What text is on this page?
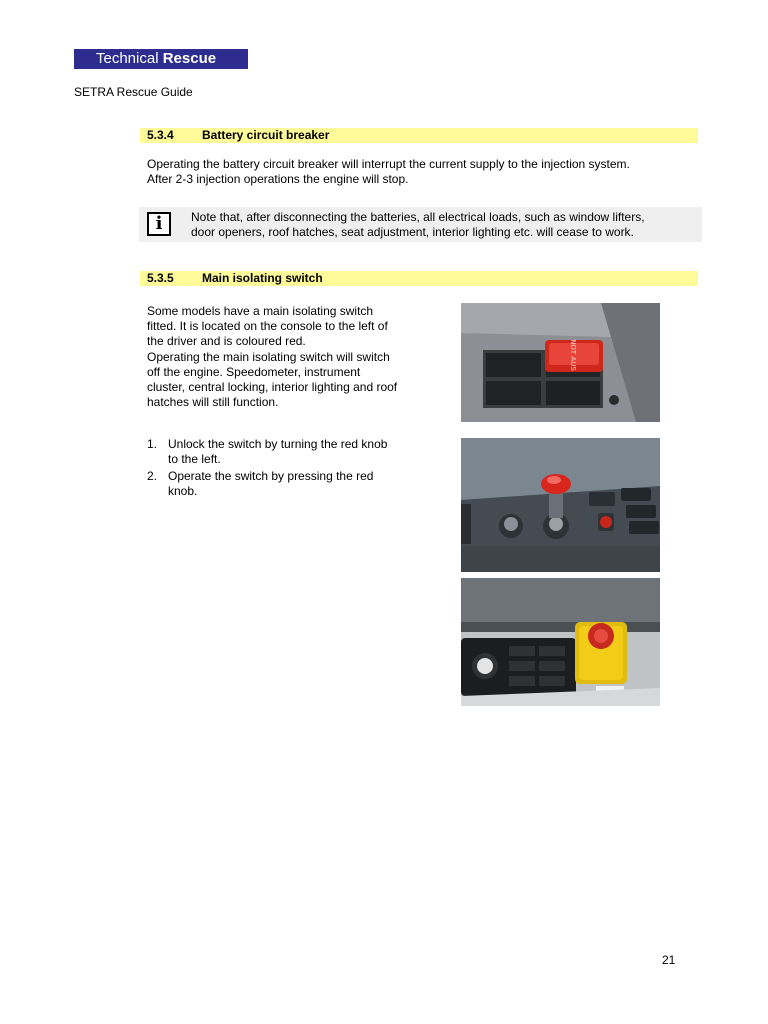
Technical Rescue
SETRA Rescue Guide
5.3.4 Battery circuit breaker
Operating the battery circuit breaker will interrupt the current supply to the injection system.
After 2-3 injection operations the engine will stop.
i	Note that, after disconnecting the batteries, all electrical loads, such as window lifters,
door openers, roof hatches, seat adjustment, interior lighting etc. will cease to work.
5.3.5 Main isolating switch
Some models have a main isolating switch
fitted. It is located on the console to the left of
the driver and is coloured red.
Operating the main isolating switch will switch
off the engine. Speedometer, instrument
cluster, central locking, interior lighting and roof
hatches will still function.
1. Unlock the switch by turning the red knob
to the left.
2. Operate the switch by pressing the red
knob.
NOT AUS
21
